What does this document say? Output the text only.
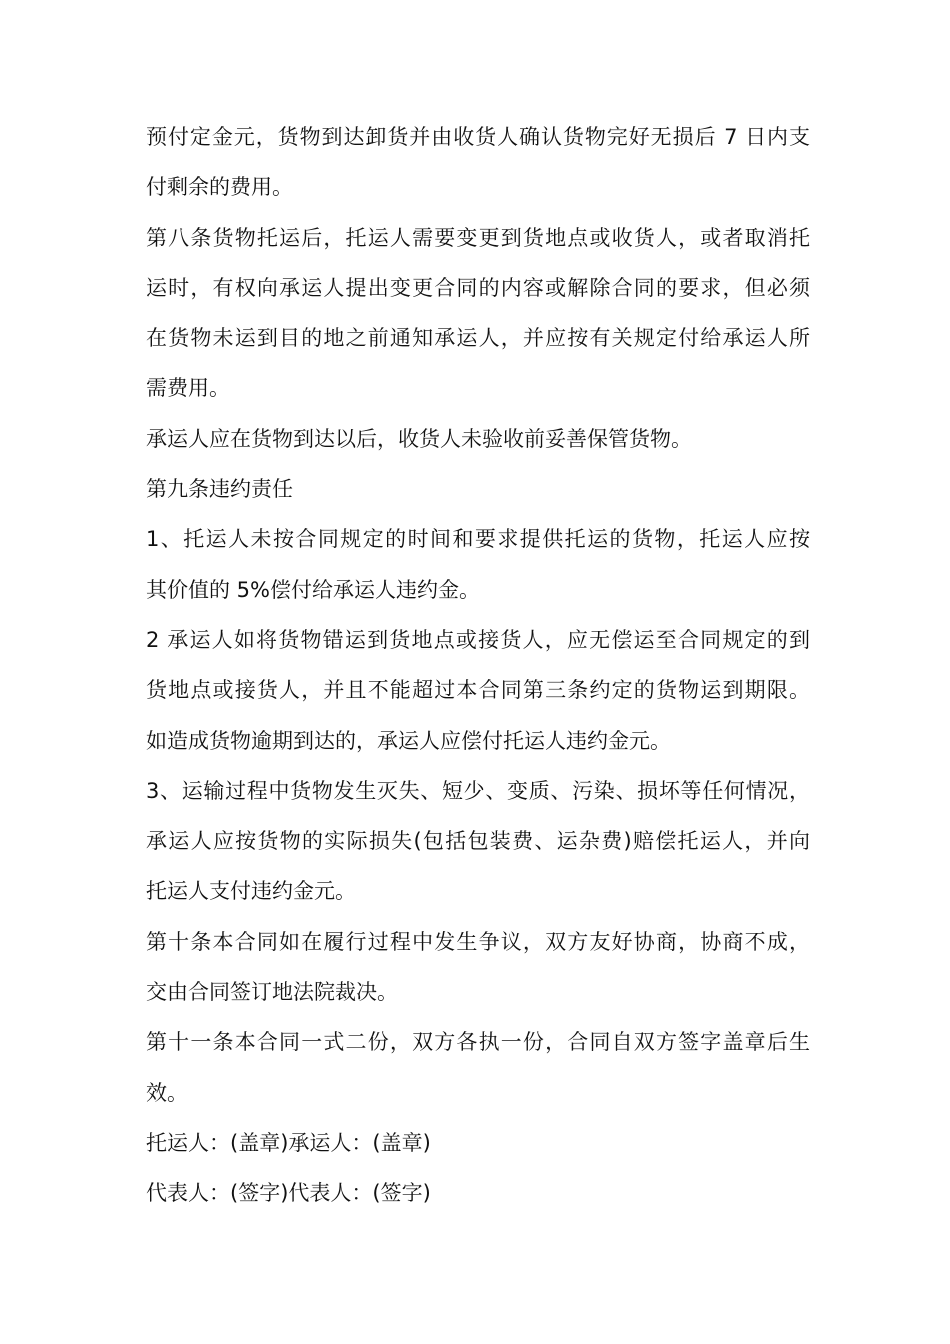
预付定金元，货物到达卸货并由收货人确认货物完好无损后 7 日内支
付剩余的费用。
第八条货物托运后，托运人需要变更到货地点或收货人，或者取消托
运时，有权向承运人提出变更合同的内容或解除合同的要求，但必须
在货物未运到目的地之前通知承运人，并应按有关规定付给承运人所
需费用。
承运人应在货物到达以后，收货人未验收前妥善保管货物。
第九条违约责任
1、托运人未按合同规定的时间和要求提供托运的货物，托运人应按
其价值的 5%偿付给承运人违约金。
2 承运人如将货物错运到货地点或接货人，应无偿运至合同规定的到
货地点或接货人，并且不能超过本合同第三条约定的货物运到期限。
如造成货物逾期到达的，承运人应偿付托运人违约金元。
3、运输过程中货物发生灭失、短少、变质、污染、损坏等任何情况，
承运人应按货物的实际损失(包括包装费、运杂费)赔偿托运人，并向
托运人支付违约金元。
第十条本合同如在履行过程中发生争议，双方友好协商，协商不成，
交由合同签订地法院裁决。
第十一条本合同一式二份，双方各执一份，合同自双方签字盖章后生
效。
托运人：(盖章)承运人：(盖章)
代表人：(签字)代表人：(签字)
